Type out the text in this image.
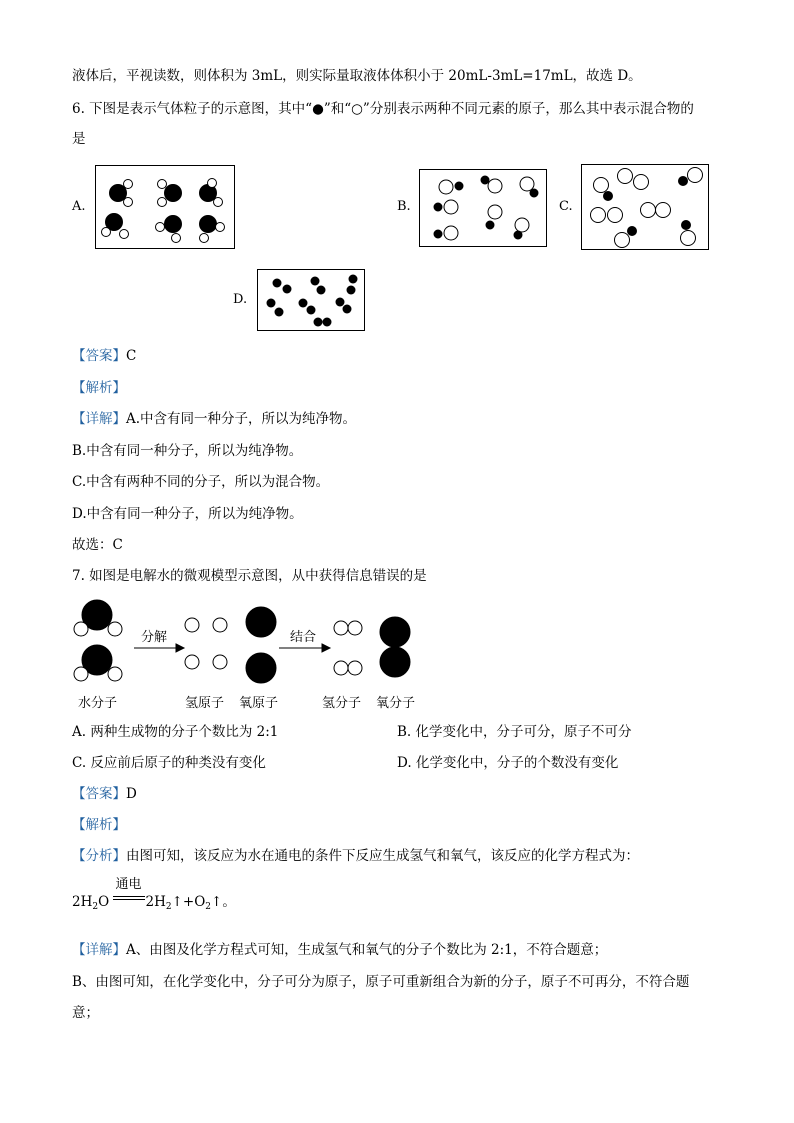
液体后，平视读数，则体积为 3mL，则实际量取液体体积小于 20mL-3mL=17mL，故选 D。
6. 下图是表示气体粒子的示意图，其中“●”和“○”分别表示两种不同元素的原子，那么其中表示混合物的
是
A.	B.	C.
D.
【答案】C
【解析】
【详解】A.中含有同一种分子，所以为纯净物。
B.中含有同一种分子，所以为纯净物。
C.中含有两种不同的分子，所以为混合物。
D.中含有同一种分子，所以为纯净物。
故选：C
7. 如图是电解水的微观模型示意图，从中获得信息错误的是
分解	结合
水分子	氢原子 氧原子	氢分子 氧分子
A. 两种生成物的分子个数比为 2:1	B. 化学变化中，分子可分，原子不可分
C. 反应前后原子的种类没有变化	D. 化学变化中，分子的个数没有变化
【答案】D
【解析】
【分析】由图可知，该反应为水在通电的条件下反应生成氢气和氧气，该反应的化学方程式为：
$2H_2O$
通电
$2H_2↑+O_2↑$。
【详解】A、由图及化学方程式可知，生成氢气和氧气的分子个数比为 2:1，不符合题意；
B、由图可知，在化学变化中，分子可分为原子，原子可重新组合为新的分子，原子不可再分，不符合题
意；
